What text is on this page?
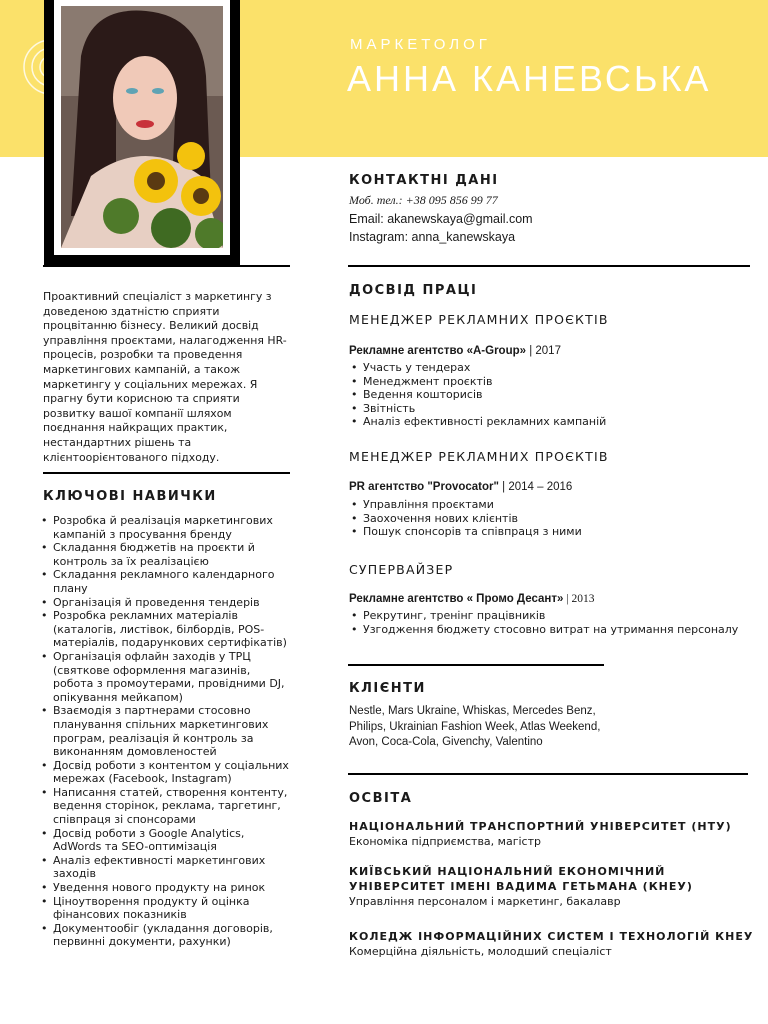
МАРКЕТОЛОГ
АННА КАНЕВСЬКА
КОНТАКТНІ ДАНІ
Моб. тел.: +38 095 856 99 77
Email: akanewskaya@gmail.com
Instagram: anna_kanewskaya
Проактивний спеціаліст з маркетингу з доведеною здатністю сприяти процвітанню бізнесу. Великий досвід управління проєктами, налагодження HR-процесів, розробки та проведення маркетингових кампаній, а також маркетингу у соціальних мережах. Я прагну бути корисною та сприяти розвитку вашої компанії шляхом поєднання найкращих практик, нестандартних рішень та клієнтоорієнтованого підходу.
КЛЮЧОВІ НАВИЧКИ
• Розробка й реалізація маркетингових кампаній з просування бренду
• Складання бюджетів на проєкти й контроль за їх реалізацією
• Складання рекламного календарного плану
• Організація й проведення тендерів
• Розробка рекламних матеріалів (каталогів, листівок, білбордів, POS-матеріалів, подарункових сертифікатів)
• Організація офлайн заходів у ТРЦ (святкове оформлення магазинів, робота з промоутерами, провідними DJ, опікування мейкапом)
• Взаємодія з партнерами стосовно планування спільних маркетингових програм, реалізація й контроль за виконанням домовленостей
• Досвід роботи з контентом у соціальних мережах (Facebook, Instagram)
• Написання статей, створення контенту, ведення сторінок, реклама, таргетинг, співпраця зі спонсорами
• Досвід роботи з Google Analytics, AdWords та SEO-оптимізація
• Аналіз ефективності маркетингових заходів
• Уведення нового продукту на ринок
• Ціноутворення продукту й оцінка фінансових показників
• Документообіг (укладання договорів, первинні документи, рахунки)
ДОСВІД ПРАЦІ
МЕНЕДЖЕР РЕКЛАМНИХ ПРОЄКТІВ
Рекламне агентство «A-Group» | 2017
• Участь у тендерах
• Менеджмент проєктів
• Ведення кошторисів
• Звітність
• Аналіз ефективності рекламних кампаній
МЕНЕДЖЕР РЕКЛАМНИХ ПРОЄКТІВ
PR агентство "Provocator" | 2014 – 2016
• Управління проєктами
• Заохочення нових клієнтів
• Пошук спонсорів та співпраця з ними
СУПЕРВАЙЗЕР
Рекламне агентство « Промо Десант» | 2013
• Рекрутинг, тренінг працівників
• Узгодження бюджету стосовно витрат на утримання персоналу
КЛІЄНТИ
Nestle, Mars Ukraine, Whiskas, Mercedes Benz, Philips, Ukrainian Fashion Week, Atlas Weekend, Avon, Coca-Cola, Givenchy, Valentino
ОСВІТА
НАЦІОНАЛЬНИЙ ТРАНСПОРТНИЙ УНІВЕРСИТЕТ (НТУ)
Економіка підприємства, магістр
КИЇВСЬКИЙ НАЦІОНАЛЬНИЙ ЕКОНОМІЧНИЙ УНІВЕРСИТЕТ ІМЕНІ ВАДИМА ГЕТЬМАНА (КНЕУ)
Управління персоналом і маркетинг, бакалавр
КОЛЕДЖ ІНФОРМАЦІЙНИХ СИСТЕМ І ТЕХНОЛОГІЙ КНЕУ
Комерційна діяльність, молодший спеціаліст
